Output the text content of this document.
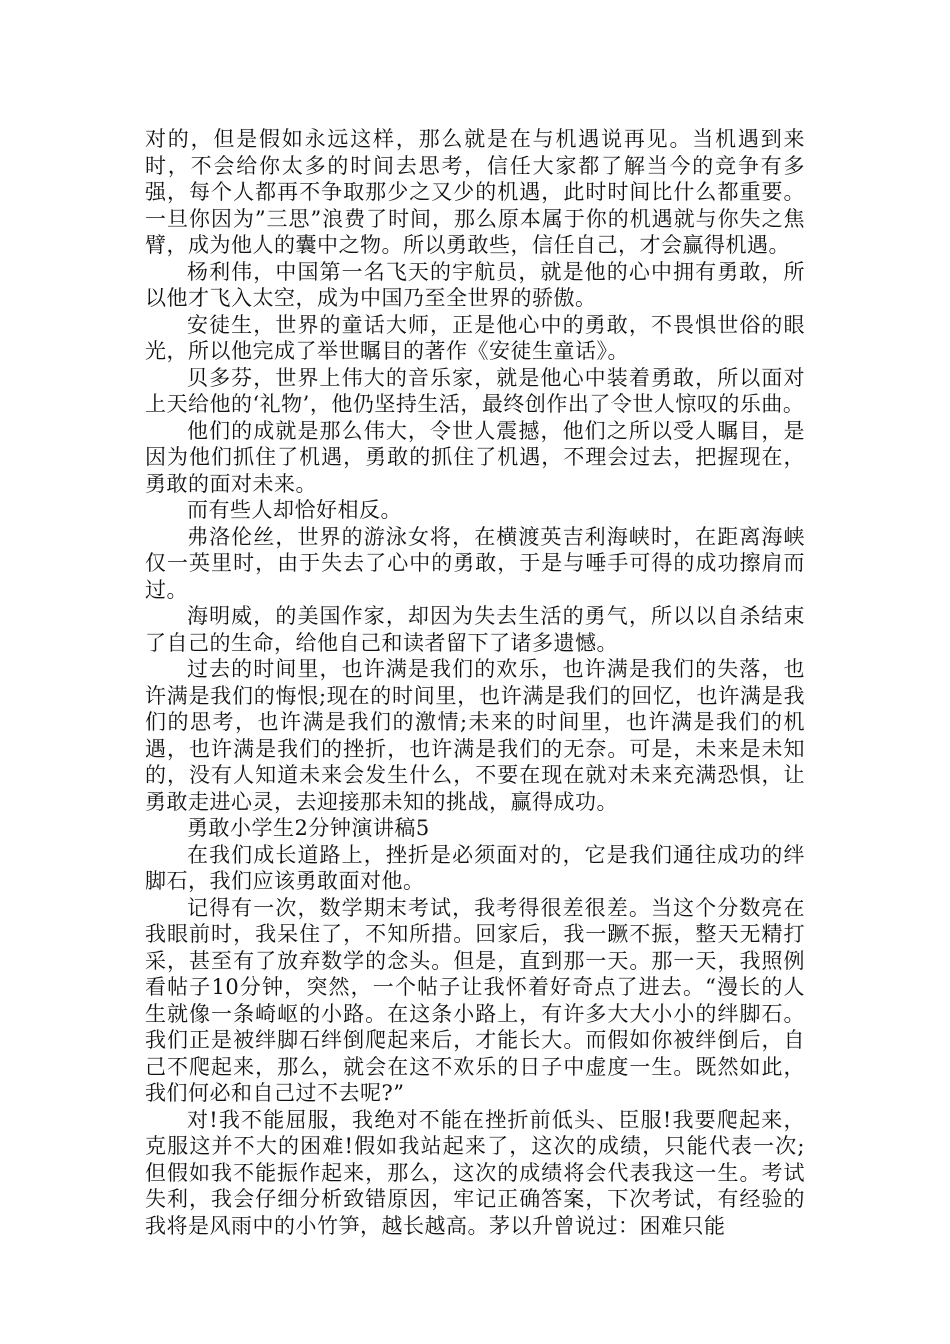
对的，但是假如永远这样，那么就是在与机遇说再见。当机遇到来时，不会给你太多的时间去思考，信任大家都了解当今的竞争有多强，每个人都再不争取那少之又少的机遇，此时时间比什么都重要。一旦你因为”三思”浪费了时间，那么原本属于你的机遇就与你失之焦臂，成为他人的囊中之物。所以勇敢些，信任自己，才会赢得机遇。

杨利伟，中国第一名飞天的宇航员，就是他的心中拥有勇敢，所以他才飞入太空，成为中国乃至全世界的骄傲。

安徒生，世界的童话大师，正是他心中的勇敢，不畏惧世俗的眼光，所以他完成了举世瞩目的著作《安徒生童话》。

贝多芬，世界上伟大的音乐家，就是他心中装着勇敢，所以面对上天给他的‘礼物’，他仍坚持生活，最终创作出了令世人惊叹的乐曲。

他们的成就是那么伟大，令世人震撼，他们之所以受人瞩目，是因为他们抓住了机遇，勇敢的抓住了机遇，不理会过去，把握现在，勇敢的面对未来。

而有些人却恰好相反。

弗洛伦丝，世界的游泳女将，在横渡英吉利海峡时，在距离海峡仅一英里时，由于失去了心中的勇敢，于是与唾手可得的成功擦肩而过。

海明威，的美国作家，却因为失去生活的勇气，所以以自杀结束了自己的生命，给他自己和读者留下了诸多遗憾。

过去的时间里，也许满是我们的欢乐，也许满是我们的失落，也许满是我们的悔恨;现在的时间里，也许满是我们的回忆，也许满是我们的思考，也许满是我们的激情;未来的时间里，也许满是我们的机遇，也许满是我们的挫折，也许满是我们的无奈。可是，未来是未知的，没有人知道未来会发生什么，不要在现在就对未来充满恐惧，让勇敢走进心灵，去迎接那未知的挑战，赢得成功。

勇敢小学生2分钟演讲稿5

在我们成长道路上，挫折是必须面对的，它是我们通往成功的绊脚石，我们应该勇敢面对他。

记得有一次，数学期末考试，我考得很差很差。当这个分数亮在我眼前时，我呆住了，不知所措。回家后，我一蹶不振，整天无精打采，甚至有了放弃数学的念头。但是，直到那一天。那一天，我照例看帖子10分钟，突然，一个帖子让我怀着好奇点了进去。“漫长的人生就像一条崎岖的小路。在这条小路上，有许多大大小小的绊脚石。我们正是被绊脚石绊倒爬起来后，才能长大。而假如你被绊倒后，自己不爬起来，那么，就会在这不欢乐的日子中虚度一生。既然如此，我们何必和自己过不去呢?”

对!我不能屈服，我绝对不能在挫折前低头、臣服!我要爬起来，克服这并不大的困难!假如我站起来了，这次的成绩，只能代表一次;但假如我不能振作起来，那么，这次的成绩将会代表我这一生。考试失利，我会仔细分析致错原因，牢记正确答案，下次考试，有经验的我将是风雨中的小竹笋，越长越高。茅以升曾说过：困难只能
